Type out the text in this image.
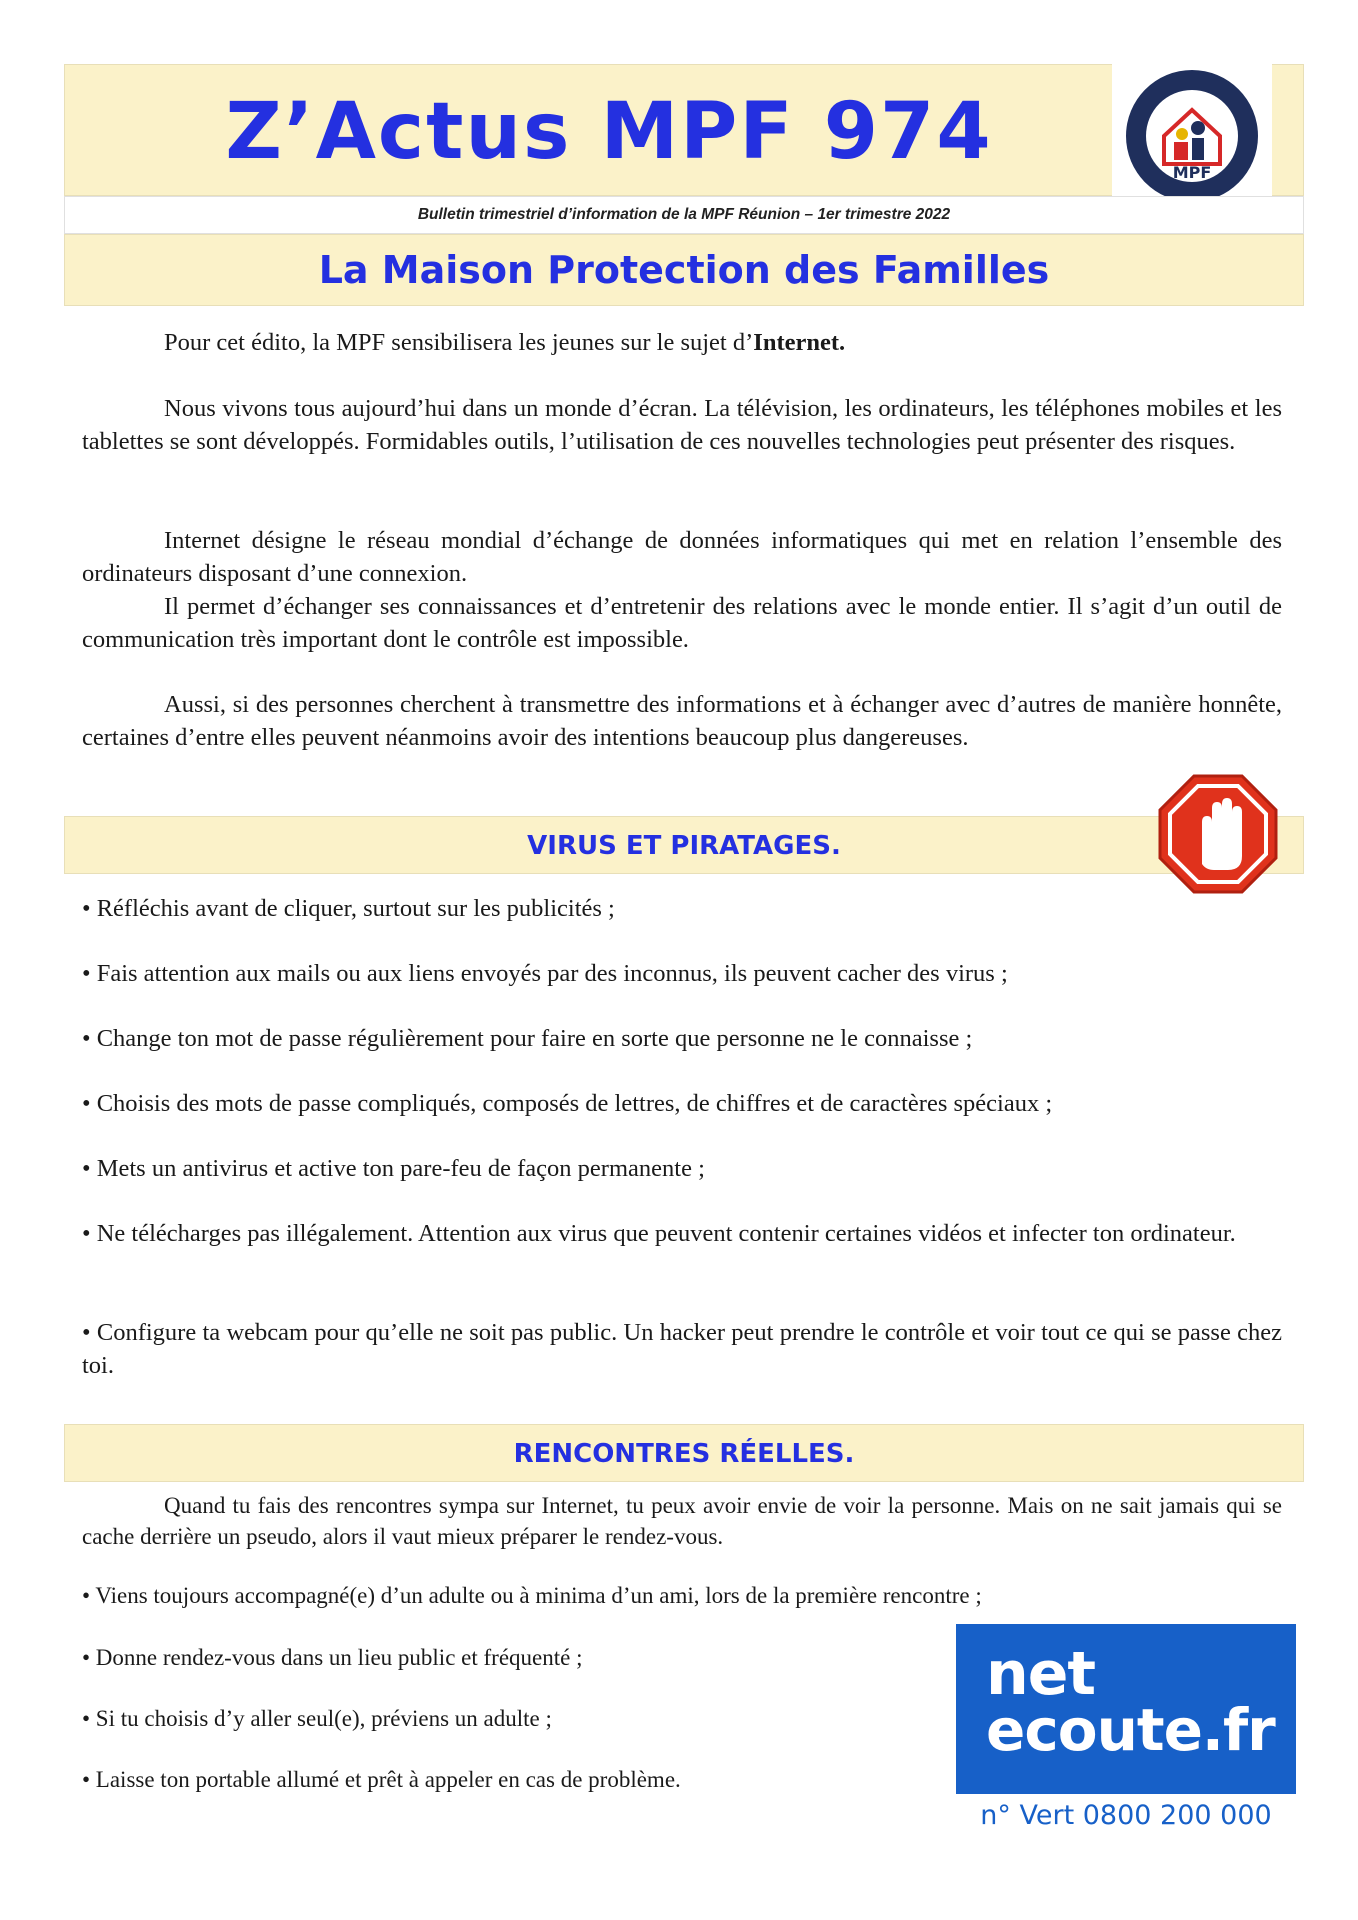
Z’Actus MPF 974	MPF
Bulletin trimestriel d’information de la MPF Réunion – 1er trimestre 2022
La Maison Protection des Familles

Pour cet édito, la MPF sensibilisera les jeunes sur le sujet d’Internet.

Nous vivons tous aujourd’hui dans un monde d’écran. La télévision, les ordinateurs, les téléphones mobiles et les tablettes se sont développés. Formidables outils, l’utilisation de ces nouvelles technologies peut présenter des risques.

Internet désigne le réseau mondial d’échange de données informatiques qui met en relation l’ensemble des ordinateurs disposant d’une connexion.

Il permet d’échanger ses connaissances et d’entretenir des relations avec le monde entier. Il s’agit d’un outil de communication très important dont le contrôle est impossible.

Aussi, si des personnes cherchent à transmettre des informations et à échanger avec d’autres de manière honnête, certaines d’entre elles peuvent néanmoins avoir des intentions beaucoup plus dangereuses.

VIRUS ET PIRATAGES.

• Réfléchis avant de cliquer, surtout sur les publicités ;

• Fais attention aux mails ou aux liens envoyés par des inconnus, ils peuvent cacher des virus ;

• Change ton mot de passe régulièrement pour faire en sorte que personne ne le connaisse ;

• Choisis des mots de passe compliqués, composés de lettres, de chiffres et de caractères spéciaux ;

• Mets un antivirus et active ton pare-feu de façon permanente ;

• Ne télécharges pas illégalement. Attention aux virus que peuvent contenir certaines vidéos et infecter ton ordinateur.

• Configure ta webcam pour qu’elle ne soit pas public. Un hacker peut prendre le contrôle et voir tout ce qui se passe chez toi.

RENCONTRES RÉELLES.

Quand tu fais des rencontres sympa sur Internet, tu peux avoir envie de voir la personne. Mais on ne sait jamais qui se cache derrière un pseudo, alors il vaut mieux préparer le rendez-vous.

• Viens toujours accompagné(e) d’un adulte ou à minima d’un ami, lors de la première rencontre ;

• Donne rendez-vous dans un lieu public et fréquenté ;

• Si tu choisis d’y aller seul(e), préviens un adulte ;

• Laisse ton portable allumé et prêt à appeler en cas de problème.

net
ecoute.fr
n° Vert 0800 200 000
